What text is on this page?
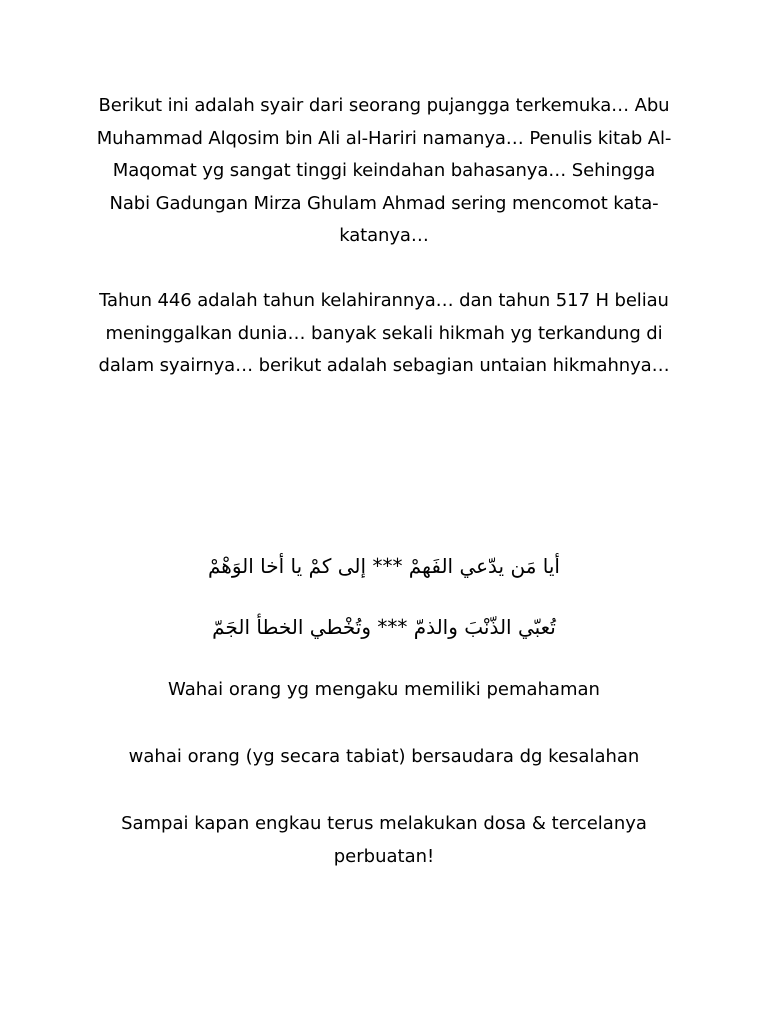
Berikut ini adalah syair dari seorang pujangga terkemuka… Abu Muhammad Alqosim bin Ali al-Hariri namanya… Penulis kitab Al-Maqomat yg sangat tinggi keindahan bahasanya… Sehingga Nabi Gadungan Mirza Ghulam Ahmad sering mencomot kata-katanya…

Tahun 446 adalah tahun kelahirannya… dan tahun 517 H beliau meninggalkan dunia… banyak sekali hikmah yg terkandung di dalam syairnya… berikut adalah sebagian untaian hikmahnya…

أيا مَن يدّعي الفَهمْ *** إلى كمْ يا أخا الوَهْمْ
تُعبّي الذّنْبَ والذمّ *** وتُخْطي الخطأ الجَمّ
Wahai orang yg mengaku memiliki pemahaman
wahai orang (yg secara tabiat) bersaudara dg kesalahan
Sampai kapan engkau terus melakukan dosa & tercelanya perbuatan!
